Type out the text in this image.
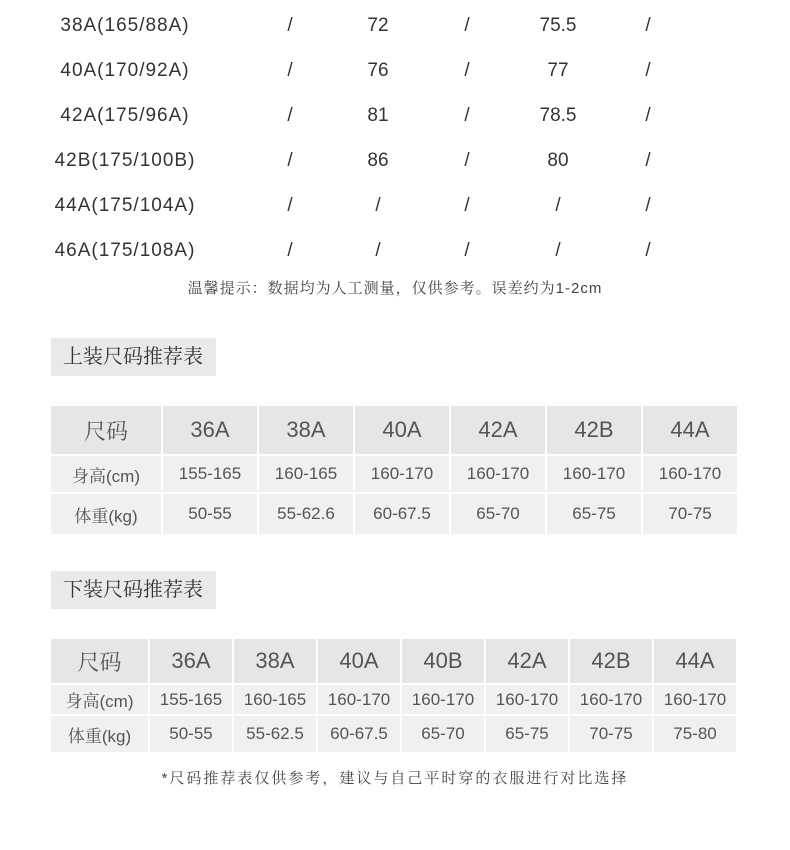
38A(165/88A)	/	72	/	75.5	/
40A(170/92A)	/	76	/	77	/
42A(175/96A)	/	81	/	78.5	/
42B(175/100B)	/	86	/	80	/
44A(175/104A)	/	/	/	/	/
46A(175/108A)	/	/	/	/	/
温馨提示：数据均为人工测量，仅供参考。误差约为1-2cm
上装尺码推荐表
尺码	36A	38A	40A	42A	42B	44A
身高(cm)	155-165	160-165	160-170	160-170	160-170	160-170
体重(kg)	50-55	55-62.6	60-67.5	65-70	65-75	70-75
下装尺码推荐表
尺码	36A	38A	40A	40B	42A	42B	44A
身高(cm)	155-165	160-165	160-170	160-170	160-170	160-170	160-170
体重(kg)	50-55	55-62.5	60-67.5	65-70	65-75	70-75	75-80
*尺码推荐表仅供参考，建议与自己平时穿的衣服进行对比选择
